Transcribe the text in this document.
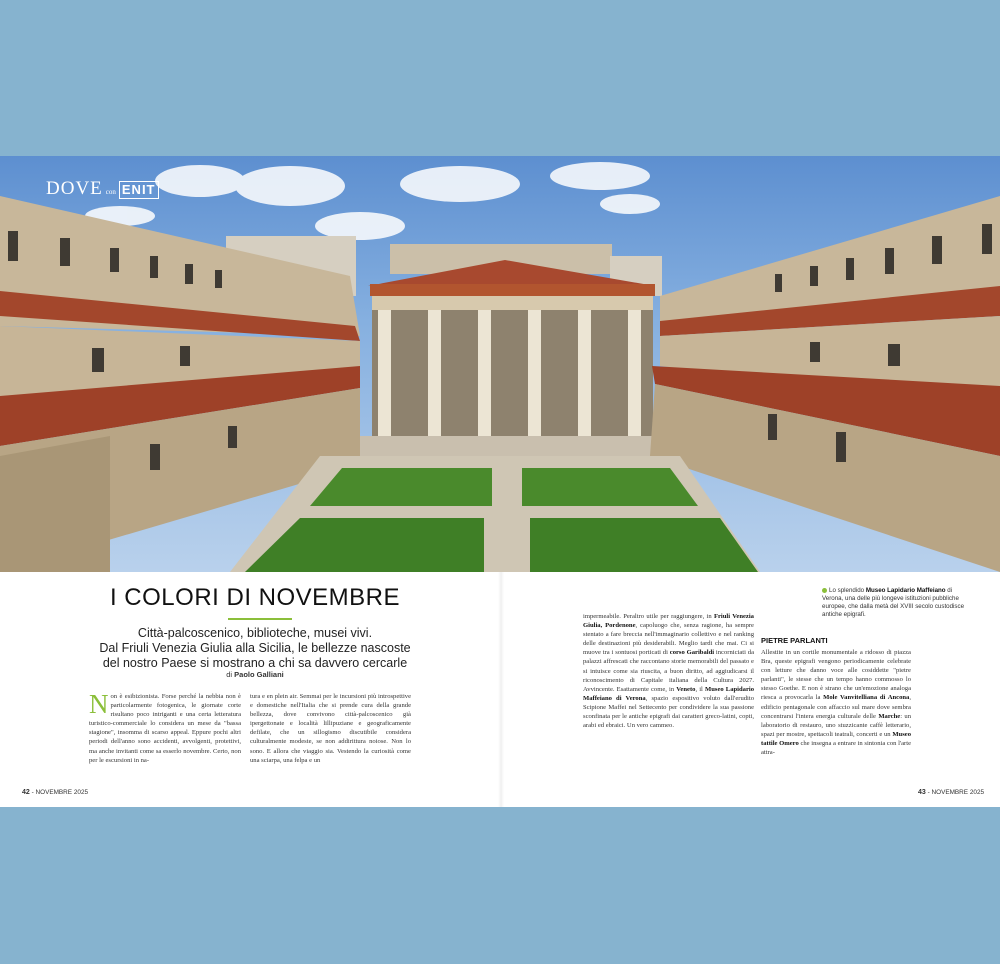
DOVE con ENIT
I COLORI DI NOVEMBRE
Città-palcoscenico, biblioteche, musei vivi.
Dal Friuli Venezia Giulia alla Sicilia, le bellezze nascoste
del nostro Paese si mostrano a chi sa davvero cercarle
di Paolo Galliani

Non è esibizionista. Forse perché la nebbia non è particolarmente fotogenica, le giornate corte risultano poco intriganti e una certa letteratura turistico-commerciale lo considera un mese da "bassa stagione", insomma di scarso appeal. Eppure pochi altri periodi dell'anno sono accidenti, avvolgenti, protettivi, ma anche invitanti come sa esserlo novembre. Certo, non per le escursioni in na-

tura e en plein air. Semmai per le incursioni più introspettive e domestiche nell'Italia che si prende cura della grande bellezza, dove convivono città-palcoscenico già ipergettonate e località lillipuziane e geograficamente defilate, che un sillogismo discutibile considera culturalmente modeste, se non addirittura noiose. Non lo sono. E allora che viaggio sia. Vestendo la curiosità come una sciarpa, una felpa e un

impermeabile. Peraltro utile per raggiungere, in Friuli Venezia Giulia, Pordenone, capoluogo che, senza ragione, ha sempre stentato a fare breccia nell'immaginario collettivo e nel ranking delle destinazioni più desiderabili. Meglio tardi che mai. Ci si muove tra i sontuosi porticati di corso Garibaldi incorniciati da palazzi affrescati che raccontano storie memorabili del passato e si intuisce come sia riuscita, a buon diritto, ad aggiudicarsi il riconoscimento di Capitale italiana della Cultura 2027. Avvincente. Esattamente come, in Veneto, il Museo Lapidario Maffeiano di Verona, spazio espositivo voluto dall'erudito Scipione Maffei nel Settecento per condividere la sua passione sconfinata per le antiche epigrafi dai caratteri greco-latini, copti, arabi ed ebraici. Un vero cammeo.

PIETRE PARLANTI

Allestite in un cortile monumentale a ridosso di piazza Bra, queste epigrafi vengono periodicamente celebrate con letture che danno voce alle cosiddette "pietre parlanti", le stesse che un tempo hanno commosso lo stesso Goethe. E non è strano che un'emozione analoga riesca a provocarla la Mole Vanvitelliana di Ancona, edificio pentagonale con affaccio sul mare dove sembra concentrarsi l'intera energia culturale delle Marche: un laboratorio di restauro, uno stuzzicante caffè letterario, spazi per mostre, spettacoli teatrali, concerti e un Museo tattile Omero che insegna a entrare in sintonia con l'arte attra-

Lo splendido Museo Lapidario Maffeiano di Verona, una delle più longeve istituzioni pubbliche europee, che dalla metà del XVIII secolo custodisce antiche epigrafi.
42 - NOVEMBRE 2025	43 - NOVEMBRE 2025
